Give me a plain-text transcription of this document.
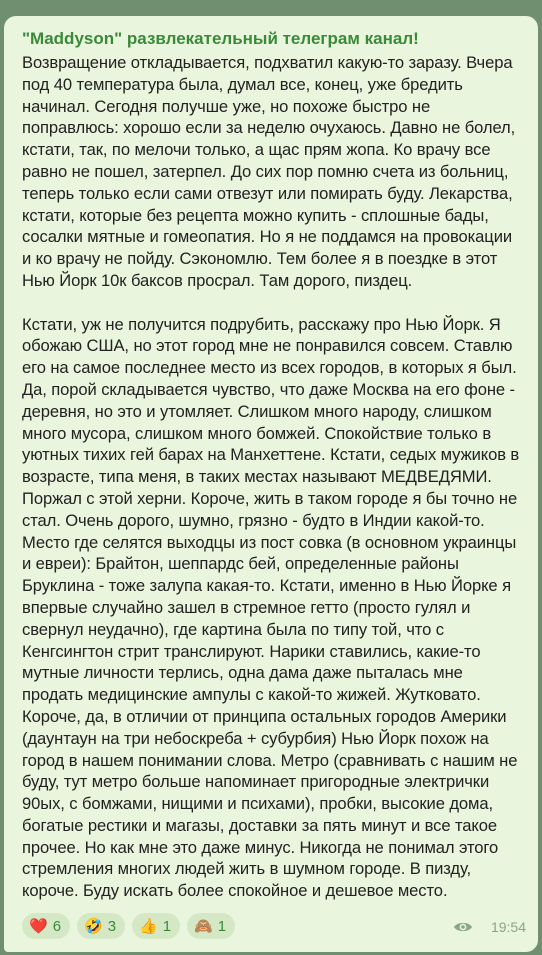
"Maddyson" развлекательный телеграм канал!

Возвращение откладывается, подхватил какую-то заразу. Вчера под 40 температура была, думал все, конец, уже бредить начинал. Сегодня получше уже, но похоже быстро не поправлюсь: хорошо если за неделю очухаюсь. Давно не болел, кстати, так, по мелочи только, а щас прям жопа. Ко врачу все равно не пошел, затерпел. До сих пор помню счета из больниц, теперь только если сами отвезут или помирать буду. Лекарства, кстати, которые без рецепта можно купить - сплошные бады, сосалки мятные и гомеопатия. Но я не поддамся на провокации и ко врачу не пойду. Сэкономлю. Тем более я в поездке в этот Нью Йорк 10к баксов просрал. Там дорого, пиздец.

Кстати, уж не получится подрубить, расскажу про Нью Йорк. Я обожаю США, но этот город мне не понравился совсем. Ставлю его на самое последнее место из всех городов, в которых я был. Да, порой складывается чувство, что даже Москва на его фоне - деревня, но это и утомляет. Слишком много народу, слишком много мусора, слишком много бомжей. Спокойствие только в уютных тихих гей барах на Манхеттене. Кстати, седых мужиков в возрасте, типа меня, в таких местах называют МЕДВЕДЯМИ. Поржал с этой херни. Короче, жить в таком городе я бы точно не стал. Очень дорого, шумно, грязно - будто в Индии какой-то. Место где селятся выходцы из пост совка (в основном украинцы и евреи): Брайтон, шеппардс бей, определенные районы Бруклина - тоже залупа какая-то. Кстати, именно в Нью Йорке я впервые случайно зашел в стремное гетто (просто гулял и свернул неудачно), где картина была по типу той, что с Кенгсингтон стрит транслируют. Нарики ставились, какие-то мутные личности терлись, одна дама даже пыталась мне продать медицинские ампулы с какой-то жижей. Жутковато. Короче, да, в отличии от принципа остальных городов Америки (даунтаун на три небоскреба + субурбия) Нью Йорк похож на город в нашем понимании слова. Метро (сравнивать с нашим не буду, тут метро больше напоминает пригородные электрички 90ых, с бомжами, нищими и психами), пробки, высокие дома, богатые рестики и магазы, доставки за пять минут и все такое прочее. Но как мне это даже минус. Никогда не понимал этого стремления многих людей жить в шумном городе. В пизду, короче. Буду искать более спокойное и дешевое место.

❤️ 6 🤣 3 👍 1 🙈 1	19:54
